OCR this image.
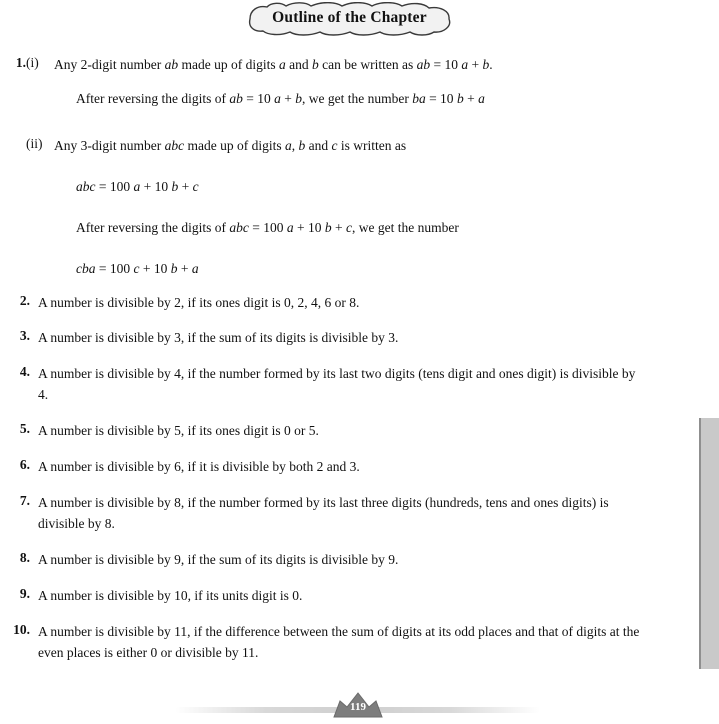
Outline of the Chapter
1. (i)	Any 2-digit number ab made up of digits a and b can be written as ab = 10 a + b.
After reversing the digits of ab = 10 a + b, we get the number ba = 10 b + a
(ii) Any 3-digit number abc made up of digits a, b and c is written as
abc = 100 a + 10 b + c
After reversing the digits of abc = 100 a + 10 b + c, we get the number
cba = 100 c + 10 b + a
2. A number is divisible by 2, if its ones digit is 0, 2, 4, 6 or 8.
3. A number is divisible by 3, if the sum of its digits is divisible by 3.
4. A number is divisible by 4, if the number formed by its last two digits (tens digit and ones digit) is divisible by 4.
5. A number is divisible by 5, if its ones digit is 0 or 5.
6. A number is divisible by 6, if it is divisible by both 2 and 3.
7. A number is divisible by 8, if the number formed by its last three digits (hundreds, tens and ones digits) is divisible by 8.
8. A number is divisible by 9, if the sum of its digits is divisible by 9.
9. A number is divisible by 10, if its units digit is 0.
10. A number is divisible by 11, if the difference between the sum of digits at its odd places and that of digits at the even places is either 0 or divisible by 11.
119
